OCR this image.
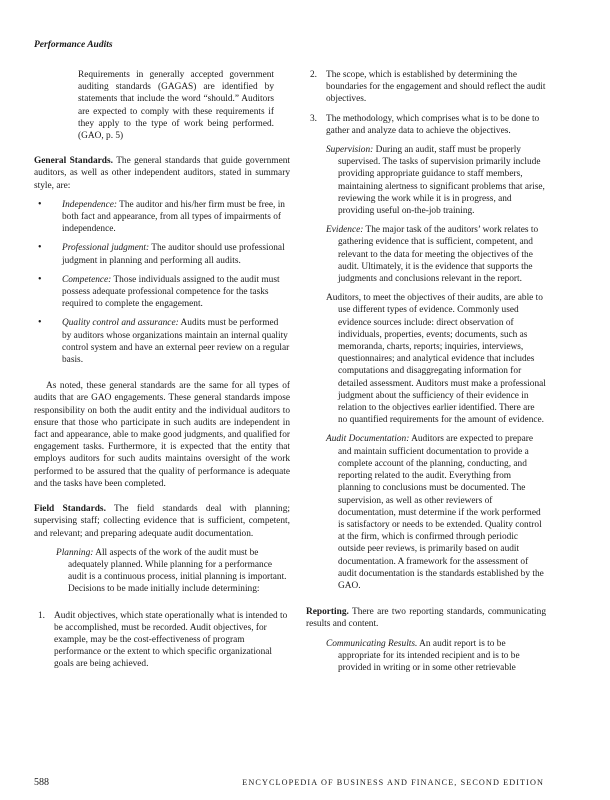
Performance Audits

Requirements in generally accepted government auditing standards (GAGAS) are identified by statements that include the word “should.” Auditors are expected to comply with these requirements if they apply to the type of work being performed. (GAO, p. 5)

General Standards. The general standards that guide government auditors, as well as other independent auditors, stated in summary style, are:

• Independence: The auditor and his/her firm must be free, in both fact and appearance, from all types of impairments of independence.
• Professional judgment: The auditor should use professional judgment in planning and performing all audits.
• Competence: Those individuals assigned to the audit must possess adequate professional competence for the tasks required to complete the engagement.
• Quality control and assurance: Audits must be performed by auditors whose organizations maintain an internal quality control system and have an external peer review on a regular basis.

As noted, these general standards are the same for all types of audits that are GAO engagements. These general standards impose responsibility on both the audit entity and the individual auditors to ensure that those who participate in such audits are independent in fact and appearance, able to make good judgments, and qualified for engagement tasks. Furthermore, it is expected that the entity that employs auditors for such audits maintains oversight of the work performed to be assured that the quality of performance is adequate and the tasks have been completed.

Field Standards. The field standards deal with planning; supervising staff; collecting evidence that is sufficient, competent, and relevant; and preparing adequate audit documentation.

Planning: All aspects of the work of the audit must be adequately planned. While planning for a performance audit is a continuous process, initial planning is important. Decisions to be made initially include determining:

1. Audit objectives, which state operationally what is intended to be accomplished, must be recorded. Audit objectives, for example, may be the cost-effectiveness of program performance or the extent to which specific organizational goals are being achieved.
2. The scope, which is established by determining the boundaries for the engagement and should reflect the audit objectives.
3. The methodology, which comprises what is to be done to gather and analyze data to achieve the objectives.

Supervision: During an audit, staff must be properly supervised. The tasks of supervision primarily include providing appropriate guidance to staff members, maintaining alertness to significant problems that arise, reviewing the work while it is in progress, and providing useful on-the-job training.

Evidence: The major task of the auditors’ work relates to gathering evidence that is sufficient, competent, and relevant to the data for meeting the objectives of the audit. Ultimately, it is the evidence that supports the judgments and conclusions relevant in the report.

Auditors, to meet the objectives of their audits, are able to use different types of evidence. Commonly used evidence sources include: direct observation of individuals, properties, events; documents, such as memoranda, charts, reports; inquiries, interviews, questionnaires; and analytical evidence that includes computations and disaggregating information for detailed assessment. Auditors must make a professional judgment about the sufficiency of their evidence in relation to the objectives earlier identified. There are no quantified requirements for the amount of evidence.

Audit Documentation: Auditors are expected to prepare and maintain sufficient documentation to provide a complete account of the planning, conducting, and reporting related to the audit. Everything from planning to conclusions must be documented. The supervision, as well as other reviewers of documentation, must determine if the work performed is satisfactory or needs to be extended. Quality control at the firm, which is confirmed through periodic outside peer reviews, is primarily based on audit documentation. A framework for the assessment of audit documentation is the standards established by the GAO.

Reporting. There are two reporting standards, communicating results and content.

Communicating Results. An audit report is to be appropriate for its intended recipient and is to be provided in writing or in some other retrievable

588	ENCYCLOPEDIA OF BUSINESS AND FINANCE, SECOND EDITION
